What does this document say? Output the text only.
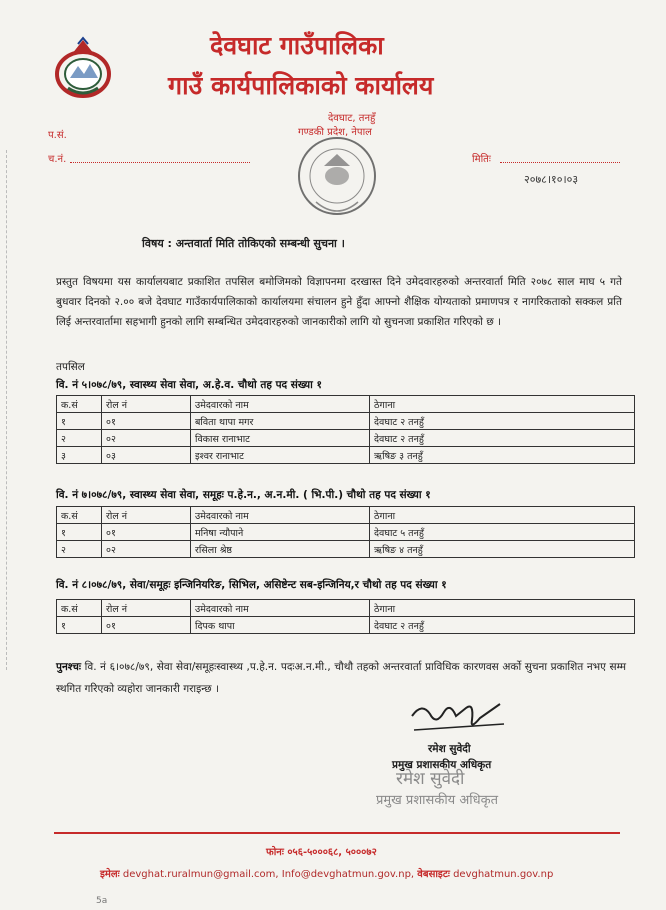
देवघाट गाउँपालिका
गाउँ कार्यपालिकाको कार्यालय
देवघाट, तनहुँ
गण्डकी प्रदेश, नेपाल
प.सं.
च.नं.	मितिः
२०७८।१०।०३
विषय : अन्तवार्ता मिति तोकिएको सम्बन्धी सुचना ।
प्रस्तुत विषयमा यस कार्यालयबाट प्रकाशित तपसिल बमोजिमको विज्ञापनमा दरखास्त दिने उमेदवारहरुको अन्तरवार्ता मिति २०७८ साल माघ ५ गते बुधवार दिनको २.०० बजे देवघाट गाउँकार्यपालिकाको कार्यालयमा संचालन हुने हुँदा आफ्नो शैक्षिक योग्यताको प्रमाणपत्र र नागरिकताको सक्कल प्रति लिई अन्तरवार्तामा सहभागी हुनको लागि सम्बन्धित उमेदवारहरुको जानकारीको लागि यो सुचनजा प्रकाशित गरिएको छ ।
तपसिल
वि. नं ५।०७८/७९, स्वास्थ्य सेवा सेवा, अ.हे.व. चौथो तह पद संख्या १
क.सं	रोल नं	उमेदवारको नाम	ठेगाना
१	०१	बविता थापा मगर	देवघाट २ तनहुँ
२	०२	विकास रानाभाट	देवघाट २ तनहुँ
३	०३	इश्वर रानाभाट	ऋषिङ ३ तनहुँ
वि. नं ७।०७८/७९, स्वास्थ्य सेवा सेवा, समूहः प.हे.न., अ.न.मी. ( भि.पी.) चौथो तह पद संख्या १
क.सं	रोल नं	उमेदवारको नाम	ठेगाना
१	०१	मनिषा न्यौपाने	देवघाट ५ तनहुँ
२	०२	रसिला श्रेष्ठ	ऋषिङ ४ तनहुँ
वि. नं ८।०७८/७९, सेवा/समूहः इन्जिनियरिङ, सिभिल, असिष्टेन्ट सब-इन्जिनिय,र चौथो तह पद संख्या १
क.सं	रोल नं	उमेदवारको नाम	ठेगाना
१	०१	दिपक थापा	देवघाट २ तनहुँ
पुनश्चः वि. नं ६।०७८/७९, सेवा सेवा/समूहःस्वास्थ्य ,प.हे.न. पदःअ.न.मी., चौथौ तहको अन्तरवार्ता प्राविधिक कारणवस अर्को सुचना प्रकाशित नभए सम्म स्थगित गरिएको व्यहोरा जानकारी गराइन्छ ।
रमेश सुवेदी
प्रमुख प्रशासकीय अधिकृत
रमेश सुवेदी
प्रमुख प्रशासकीय अधिकृत
फोनः ०५६-५०००६८, ५०००७२
इमेलः devghat.ruralmun@gmail.com, Info@devghatmun.gov.np, वेबसाइटः devghatmun.gov.np
5a
